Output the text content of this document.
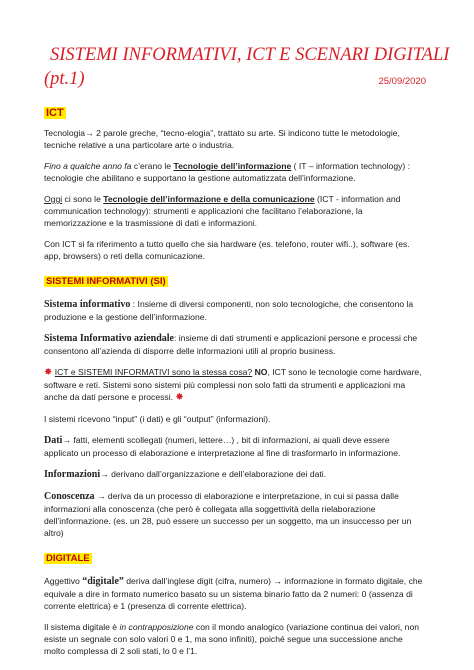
SISTEMI INFORMATIVI, ICT E SCENARI DIGITALI
(pt.1)	25/09/2020
ICT

Tecnologia→ 2 parole greche, “tecno-elogia”, trattato su arte. Si indicono tutte le metodologie, tecniche relative a una particolare arte o industria.

Fino a qualche anno fa c’erano le Tecnologie dell’informazione ( IT – information technology) : tecnologie che abilitano e supportano la gestione automatizzata dell’informazione.

Oggi ci sono le Tecnologie dell’informazione e della comunicazione (ICT - information and communication technology): strumenti e applicazioni che facilitano l’elaborazione, la memorizzazione e la trasmissione di dati e informazioni.

Con ICT si fa riferimento a tutto quello che sia hardware (es. telefono, router wifi..), software (es. app, browsers) o reti della comunicazione.

SISTEMI INFORMATIVI (SI)

Sistema informativo : Insieme di diversi componenti, non solo tecnologiche, che consentono la produzione e la gestione dell’informazione.

Sistema Informativo aziendale: insieme di dati strumenti e applicazioni persone e processi che consentono all’azienda di disporre delle informazioni utili al proprio business.

✸ ICT e SISTEMI INFORMATIVI sono la stessa cosa? NO, ICT sono le tecnologie come hardware, software e reti. Sistemi sono sistemi più complessi non solo fatti da strumenti e applicazioni ma anche da dati persone e processi. ✸

I sistemi ricevono “input” (i dati) e gli “output” (informazioni).

Dati→ fatti, elementi scollegati (numeri, lettere…) , bit di informazioni, ai quali deve essere applicato un processo di elaborazione e interpretazione al fine di trasformarlo in informazione.

Informazioni→ derivano dall’organizzazione e dell’elaborazione dei dati.

Conoscenza → deriva da un processo di elaborazione e interpretazione, in cui si passa dalle informazioni alla conoscenza (che però è collegata alla soggettività della rielaborazione dell’informazione. (es. un 28, può essere un successo per un soggetto, ma un insuccesso per un altro)

DIGITALE

Aggettivo “digitale” deriva dall’inglese digit (cifra, numero) → informazione in formato digitale, che equivale a dire in formato numerico basato su un sistema binario fatto da 2 numeri: 0 (assenza di corrente elettrica) e 1 (presenza di corrente elettrica).

Il sistema digitale è in contrapposizione con il mondo analogico (variazione continua dei valori, non esiste un segnale con solo valori 0 e 1, ma sono infiniti), poiché segue una successione anche molto complessa di 2 soli stati, lo 0 e l’1.
